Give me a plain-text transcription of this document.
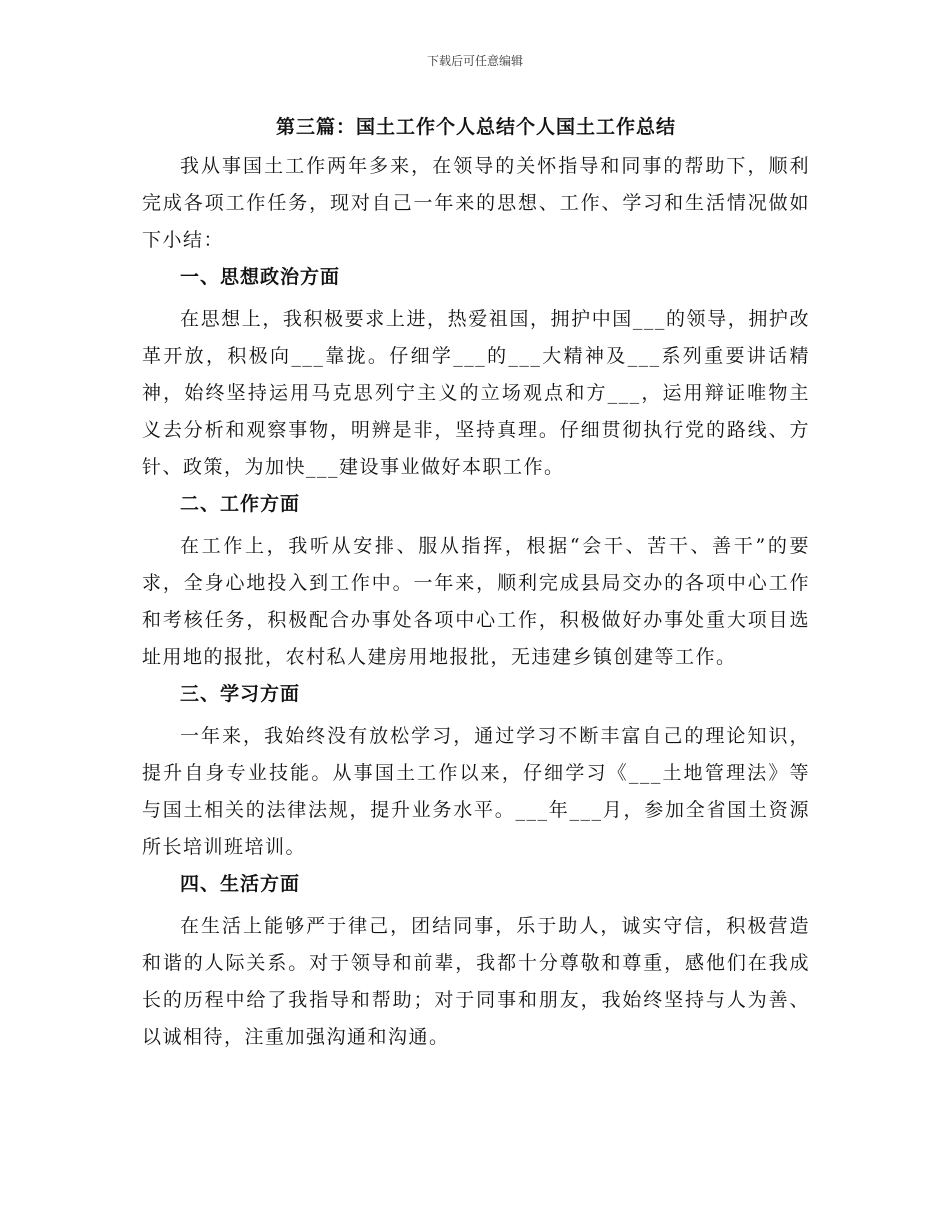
下载后可任意编辑
第三篇：国土工作个人总结个人国土工作总结

我从事国土工作两年多来，在领导的关怀指导和同事的帮助下，顺利完成各项工作任务，现对自己一年来的思想、工作、学习和生活情况做如下小结：

一、思想政治方面

在思想上，我积极要求上进，热爱祖国，拥护中国___的领导，拥护改革开放，积极向___靠拢。仔细学___的___大精神及___系列重要讲话精神，始终坚持运用马克思列宁主义的立场观点和方___，运用辩证唯物主义去分析和观察事物，明辨是非，坚持真理。仔细贯彻执行党的路线、方针、政策，为加快___建设事业做好本职工作。

二、工作方面

在工作上，我听从安排、服从指挥，根据“会干、苦干、善干”的要求，全身心地投入到工作中。一年来，顺利完成县局交办的各项中心工作和考核任务，积极配合办事处各项中心工作，积极做好办事处重大项目选址用地的报批，农村私人建房用地报批，无违建乡镇创建等工作。

三、学习方面

一年来，我始终没有放松学习，通过学习不断丰富自己的理论知识，提升自身专业技能。从事国土工作以来，仔细学习《___土地管理法》等与国土相关的法律法规，提升业务水平。___年___月，参加全省国土资源所长培训班培训。

四、生活方面

在生活上能够严于律己，团结同事，乐于助人，诚实守信，积极营造和谐的人际关系。对于领导和前辈，我都十分尊敬和尊重，感他们在我成长的历程中给了我指导和帮助；对于同事和朋友，我始终坚持与人为善、以诚相待，注重加强沟通和沟通。
